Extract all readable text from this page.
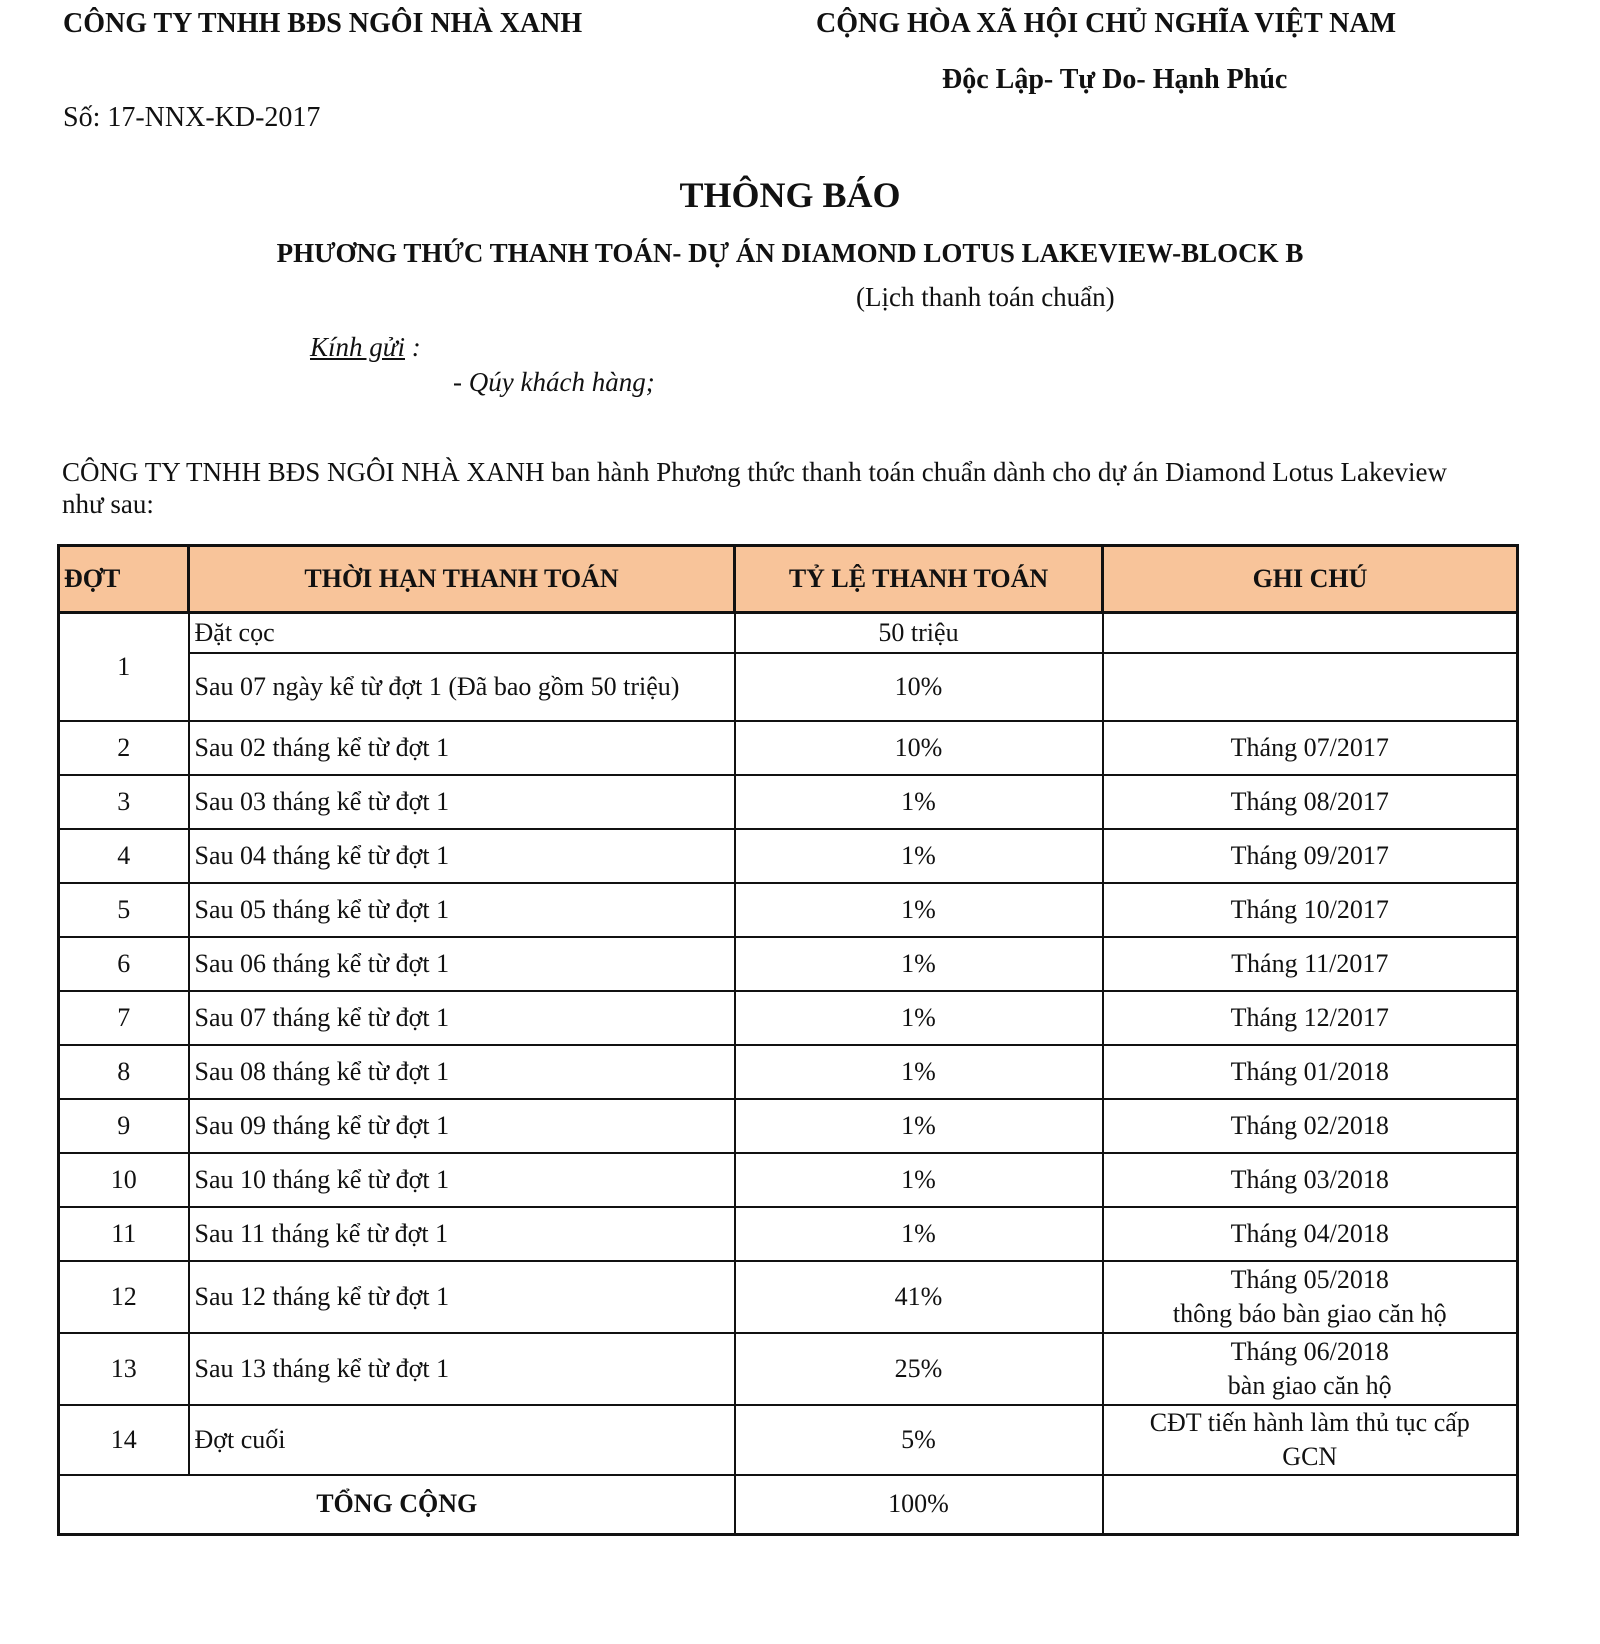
CÔNG TY TNHH BĐS NGÔI NHÀ XANH	CỘNG HÒA XÃ HỘI CHỦ NGHĨA VIỆT NAM
Độc Lập- Tự Do- Hạnh Phúc
Số: 17-NNX-KD-2017
THÔNG BÁO
PHƯƠNG THỨC THANH TOÁN- DỰ ÁN DIAMOND LOTUS LAKEVIEW-BLOCK B
(Lịch thanh toán chuẩn)
Kính gửi :
- Qúy khách hàng;
CÔNG TY TNHH BĐS NGÔI NHÀ XANH ban hành Phương thức thanh toán chuẩn dành cho dự án Diamond Lotus Lakeview như sau:
ĐỢT	THỜI HẠN THANH TOÁN	TỶ LỆ THANH TOÁN	GHI CHÚ
1	Đặt cọc	50 triệu	
	Sau 07 ngày kể từ đợt 1 (Đã bao gồm 50 triệu)	10%	
2	Sau 02 tháng kể từ đợt 1	10%	Tháng 07/2017

3	Sau 03 tháng kể từ đợt 1	1%	Tháng 08/2017

4	Sau 04 tháng kể từ đợt 1	1%	Tháng 09/2017

5	Sau 05 tháng kể từ đợt 1	1%	Tháng 10/2017

6	Sau 06 tháng kể từ đợt 1	1%	Tháng 11/2017

7	Sau 07 tháng kể từ đợt 1	1%	Tháng 12/2017

8	Sau 08 tháng kể từ đợt 1	1%	Tháng 01/2018

9	Sau 09 tháng kể từ đợt 1	1%	Tháng 02/2018

10	Sau 10 tháng kể từ đợt 1	1%	Tháng 03/2018

11	Sau 11 tháng kể từ đợt 1	1%	Tháng 04/2018

12	Sau 12 tháng kể từ đợt 1	41%	Tháng 05/2018
thông báo bàn giao căn hộ

13	Sau 13 tháng kể từ đợt 1	25%	Tháng 06/2018
bàn giao căn hộ

14	Đợt cuối	5%	CĐT tiến hành làm thủ tục cấp
GCN

TỔNG CỘNG		100%	
